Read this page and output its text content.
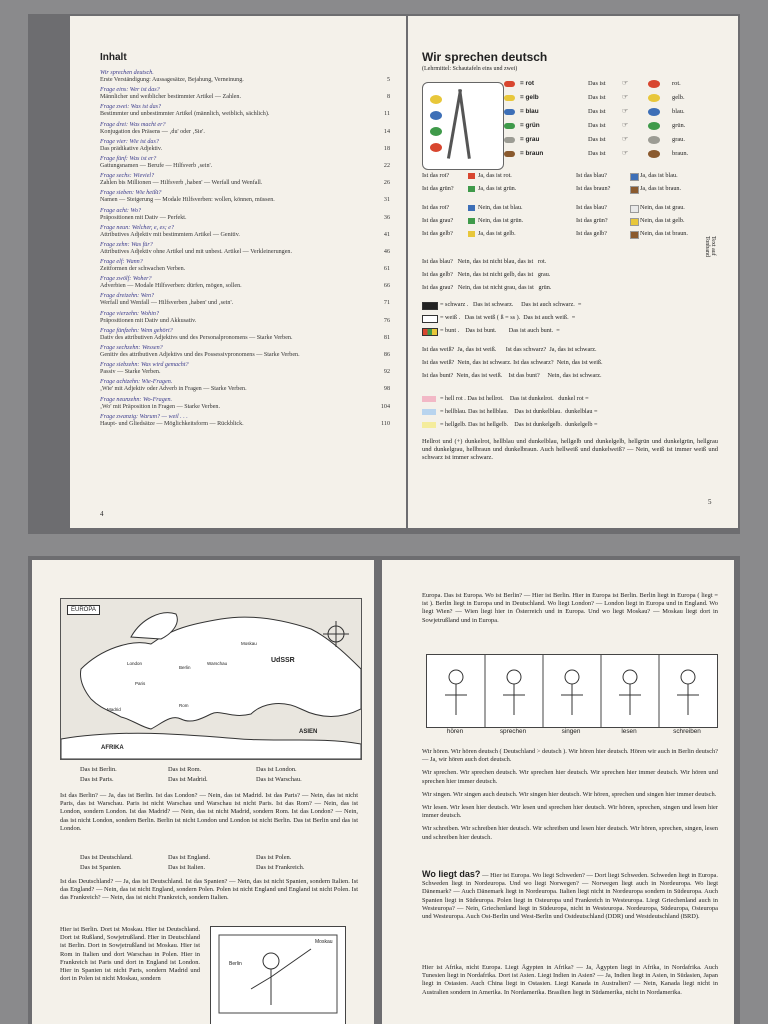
Inhalt
Wir sprechen deutsch.
Erste Verständigung: Aussagesätze, Bejahung, Verneinung.	5
Frage eins: Wer ist das?
Männlicher und weiblicher bestimmter Artikel — Zahlen.	8
Frage zwei: Was ist das?
Bestimmter und unbestimmter Artikel (männlich, weiblich, sächlich).	11
Frage drei: Was macht er?
Konjugation des Präsens — ‚du' oder ‚Sie'.	14
Frage vier: Wie ist das?
Das prädikative Adjektiv.	18
Frage fünf: Was ist er?
Gattungsnamen — Berufe — Hilfsverb ‚sein'.	22
Frage sechs: Wieviel?
Zahlen bis Millionen — Hilfsverb ‚haben' — Werfall und Wenfall.	26
Frage sieben: Wie heißt?
Namen — Steigerung — Modale Hilfsverben: wollen, können, müssen.	31
Frage acht: Wo?
Präpositionen mit Dativ — Perfekt.	36
Frage neun: Welcher, e, es; e?
Attributives Adjektiv mit bestimmtem Artikel — Genitiv.	41
Frage zehn: Was für?
Attributives Adjektiv ohne Artikel und mit unbest. Artikel — Verkleinerungen.	46
Frage elf: Wann?
Zeitformen der schwachen Verben.	61
Frage zwölf: Woher?
Adverbien — Modale Hilfsverben: dürfen, mögen, sollen.	66
Frage dreizehn: Wen?
Werfall und Wenfall — Hilfsverben ‚haben' und ‚sein'.	71
Frage vierzehn: Wohin?
Präpositionen mit Dativ und Akkusativ.	76
Frage fünfzehn: Wem gehört?
Dativ des attributiven Adjektivs und des Personalpronomens — Starke Verben.	81
Frage sechzehn: Wessen?
Genitiv des attributiven Adjektivs und des Possessivpronomens — Starke Verben.	86
Frage siebzehn: Was wird gemacht?
Passiv — Starke Verben.	92
Frage achtzehn: Wie-Fragen.
‚Wie' mit Adjektiv oder Adverb in Fragen — Starke Verben.	98
Frage neunzehn: Wo-Fragen.
‚Wo' mit Präposition in Fragen — Starke Verben.	104
Frage zwanzig: Warum? — weil . . .
Haupt- und Gliedsätze — Möglichkeitsform — Rückblick.	110
4
Wir sprechen deutsch
(Lehrmittel: Schautafeln eins und zwei)
Text auf Tonband
= rot	Das ist ☞	rot.
= gelb	Das ist ☞	gelb.
= blau	Das ist ☞	blau.
= grün	Das ist ☞	grün.
= grau	Das ist ☞	grau.
= braun	Das ist ☞	braun.
Ist das rot?	Ja, das ist rot.
Ist das grün?	Ja, das ist grün.
Ist das rot?	Nein, das ist blau.
Ist das grau?	Nein, das ist grün.
Ist das gelb?	Ja, das ist gelb.
Ist das blau?	Ja, das ist blau.
Ist das braun?	Ja, das ist braun.
Ist das blau?	Nein, das ist grau.
Ist das grün?	Nein, das ist gelb.
Ist das gelb?	Nein, das ist braun.
Ist das blau?   Nein, das ist nicht blau, das ist   rot.
Ist das gelb?   Nein, das ist nicht gelb, das ist   grau.
Ist das grau?   Nein, das ist nicht grau, das ist   grün.
= schwarz .   Das ist schwarz.     Das ist auch schwarz.  =
= weiß .   Das ist weiß ( ß = ss ).  Das ist auch weiß.  =
= bunt .    Das ist bunt.        Das ist auch bunt.  =
Ist das weiß?  Ja, das ist weiß.      Ist das schwarz?  Ja, das ist schwarz.
Ist das weiß?  Nein, das ist schwarz. Ist das schwarz?  Nein, das ist weiß.
Ist das bunt?  Nein, das ist weiß.    Ist das bunt?     Nein, das ist schwarz.
= hell rot . Das ist hellrot.    Das ist dunkelrot.   dunkel rot =
= hellblau. Das ist hellblau.    Das ist dunkelblau.  dunkelblau =
= hellgelb. Das ist hellgelb.    Das ist dunkelgelb.  dunkelgelb =
Hellrot und (+) dunkelrot, hellblau und dunkelblau, hellgelb und dunkelgelb, hellgrün und dunkelgrün, hellgrau und dunkelgrau, hellbraun und dunkelbraun. Auch hellweiß und dunkelweiß? — Nein, weiß ist immer weiß und schwarz ist immer schwarz.
5
EUROPA
UdSSR
AFRIKA
ASIEN
Moskau
Berlin
Paris
Madrid
Rom
London	Warschau
Das ist Berlin.	Das ist Rom.	Das ist London.
Das ist Paris.	Das ist Madrid.	Das ist Warschau.
Ist das Berlin? — Ja, das ist Berlin. Ist das London? — Nein, das ist Madrid. Ist das Paris? — Nein, das ist nicht Paris, das ist Warschau. Paris ist nicht Warschau und Warschau ist nicht Paris. Ist das Rom? — Nein, das ist London, sondern London. Ist das Madrid? — Nein, das ist nicht Madrid, sondern Rom. Ist das London? — Nein, das ist nicht London, sondern Berlin. Berlin ist nicht London und London ist nicht Berlin. Das ist Berlin und das ist London.
Das ist Deutschland.	Das ist England.	Das ist Polen.
Das ist Spanien.	Das ist Italien.	Das ist Frankreich.
Ist das Deutschland? — Ja, das ist Deutschland. Ist das Spanien? — Nein, das ist nicht Spanien, sondern Italien. Ist das England? — Nein, das ist nicht England, sondern Polen. Polen ist nicht England und England ist nicht Polen. Ist das Frankreich? — Nein, das ist nicht Frankreich, sondern Italien.
Hier ist Berlin. Dort ist Moskau. Hier ist Deutschland. Dort ist Rußland, Sowjetrußland. Hier in Deutschland ist Berlin. Dort in Sowjetrußland ist Moskau. Hier ist Rom in Italien und dort Warschau in Polen. Hier in Frankreich ist Paris und dort in England ist London. Hier in Spanien ist nicht Paris, sondern Madrid und dort in Polen ist nicht Moskau, sondern
Berlin
Moskau
Europa. Das ist Europa. Wo ist Berlin? — Hier ist Berlin. Hier in Europa ist Berlin. Berlin liegt in Europa ( liegt = ist ). Berlin liegt in Europa und in Deutschland. Wo liegt London? — London liegt in Europa und in England. Wo liegt Wien? — Wien liegt hier in Österreich und in Europa. Und wo liegt Moskau? — Moskau liegt dort in Sowjetrußland und in Europa.
hören	sprechen	singen	lesen	schreiben
Wir hören. Wir hören deutsch ( Deutschland > deutsch ). Wir hören hier deutsch. Hören wir auch in Berlin deutsch? — Ja, wir hören auch dort deutsch.
Wir sprechen. Wir sprechen deutsch. Wir sprechen hier deutsch. Wir sprechen hier immer deutsch. Wir hören und sprechen hier immer deutsch.
Wir singen. Wir singen auch deutsch. Wir singen hier deutsch. Wir hören, sprechen und singen hier immer deutsch.
Wir lesen. Wir lesen hier deutsch. Wir lesen und sprechen hier deutsch. Wir hören, sprechen, singen und lesen hier immer deutsch.
Wir schreiben. Wir schreiben hier deutsch. Wir schreiben und lesen hier deutsch. Wir hören, sprechen, singen, lesen und schreiben hier deutsch.
Wo liegt das? — Hier ist Europa. Wo liegt Schweden? — Dort liegt Schweden. Schweden liegt in Europa. Schweden liegt in Nordeuropa. Und wo liegt Norwegen? — Norwegen liegt auch in Nordeuropa. Wo liegt Dänemark? — Auch Dänemark liegt in Nordeuropa. Italien liegt nicht in Nordeuropa sondern in Südeuropa. Auch Spanien liegt in Südeuropa. Polen liegt in Osteuropa und Frankreich in Westeuropa. Liegt Griechenland auch in Westeuropa? — Nein, Griechenland liegt in Südeuropa, nicht in Westeuropa. Nordeuropa, Südeuropa, Osteuropa und Westeuropa. Auch Ost-Berlin und West-Berlin und Ostdeutschland (DDR) und Westdeutschland (BRD).
Hier ist Afrika, nicht Europa. Liegt Ägypten in Afrika? — Ja, Ägypten liegt in Afrika, in Nordafrika. Auch Tunesien liegt in Nordafrika. Dort ist Asien. Liegt Indien in Asien? — Ja, Indien liegt in Asien, in Südasien, Japan liegt in Ostasien. Auch China liegt in Ostasien. Liegt Kanada in Australien? — Nein, Kanada liegt nicht in Australien sondern in Amerika. In Nordamerika. Brasilien liegt in Südamerika, nicht in Nordamerika.
